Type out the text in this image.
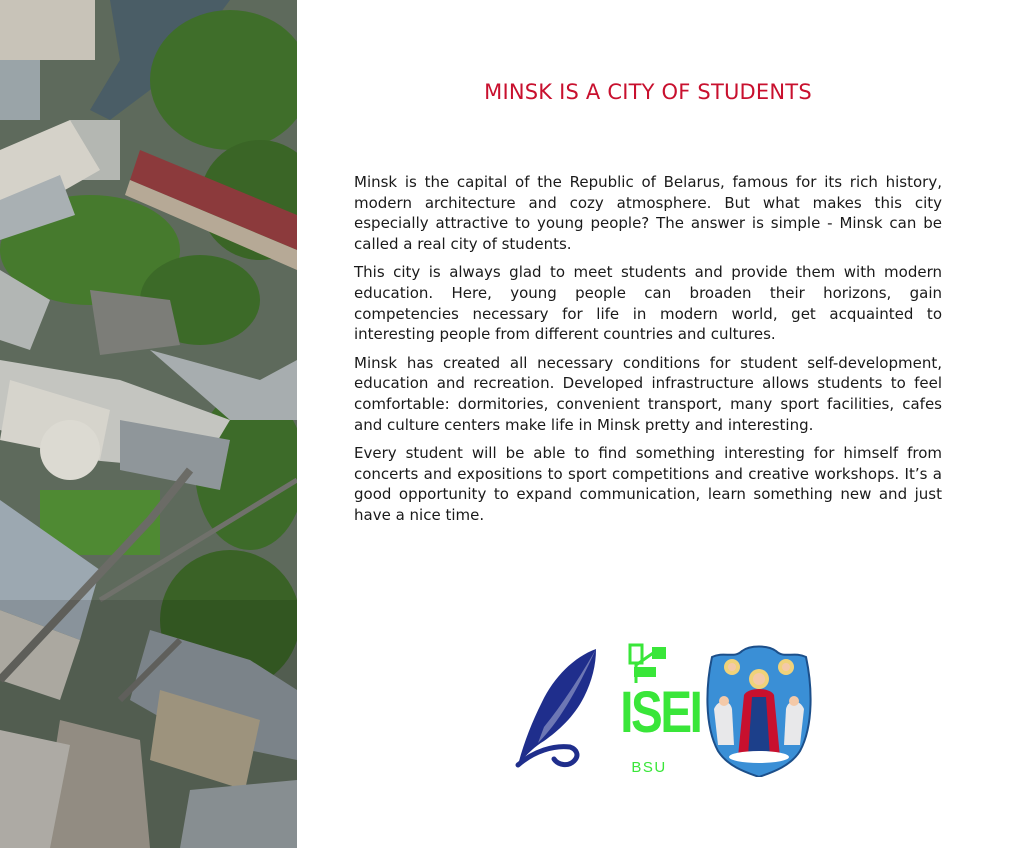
MINSK IS A CITY OF STUDENTS

Minsk is the capital of the Republic of Belarus, famous for its rich history, modern architecture and cozy atmosphere. But what makes this city especially attractive to young people? The answer is simple - Minsk can be called a real city of students.

This city is always glad to meet students and provide them with modern education. Here, young people can broaden their horizons, gain competencies necessary for life in modern world, get acquainted to interesting people from different countries and cultures.

Minsk has created all necessary conditions for student self-development, education and recreation. Developed infrastructure allows students to feel comfortable: dormitories, convenient transport, many sport facilities, cafes and culture centers make life in Minsk pretty and interesting.

Every student will be able to find something interesting for himself from concerts and expositions to sport competitions and creative workshops. It’s a good opportunity to expand communication, learn something new and just have a nice time.

ISEI
BSU
